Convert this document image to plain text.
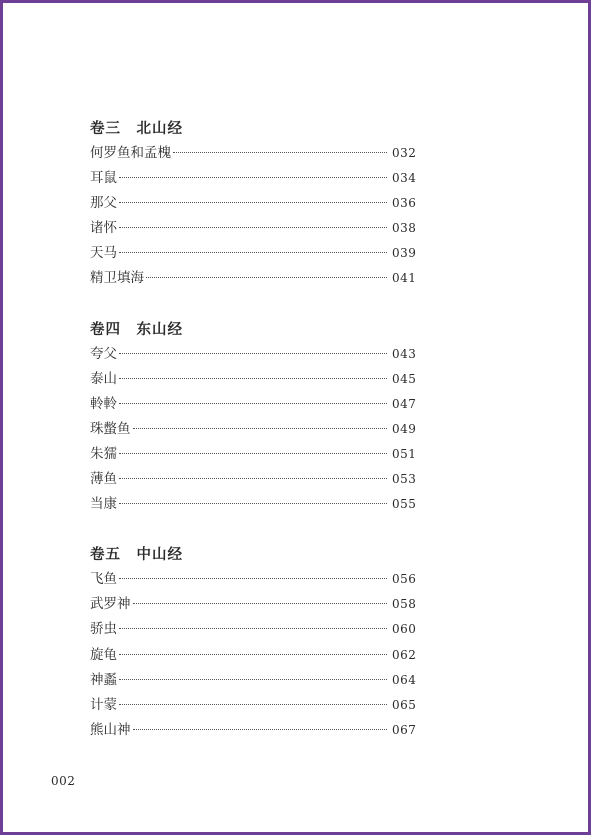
卷三　北山经
何罗鱼和孟槐	032
耳鼠	034
那父	036
诸怀	038
天马	039
精卫填海	041
卷四　东山经
夸父	043
泰山	045
軨軨	047
珠蟞鱼	049
朱獳	051
薄鱼	053
当康	055
卷五　中山经
飞鱼	056
武罗神	058
骄虫	060
旋龟	062
神蟸	064
计蒙	065
熊山神	067
002
